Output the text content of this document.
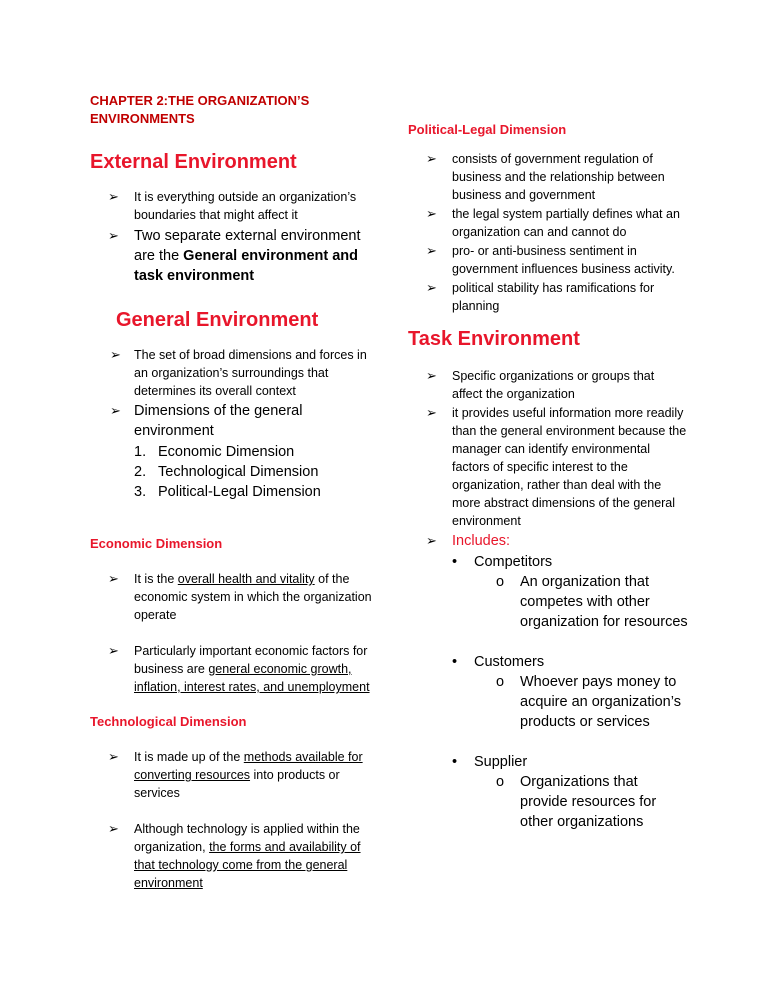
CHAPTER 2:THE ORGANIZATION’S ENVIRONMENTS

External Environment
➢ It is everything outside an organization’s boundaries that might affect it
➢ Two separate external environment are the General environment and task environment
General Environment
➢ The set of broad dimensions and forces in an organization’s surroundings that determines its overall context
➢ Dimensions of the general environment
1. Economic Dimension
2. Technological Dimension
3. Political-Legal Dimension
Economic Dimension
➢ It is the overall health and vitality of the economic system in which the organization operate
➢ Particularly important economic factors for business are general economic growth, inflation, interest rates, and unemployment
Technological Dimension
➢ It is made up of the methods available for converting resources into products or services
➢ Although technology is applied within the organization, the forms and availability of that technology come from the general environment
Political-Legal Dimension
➢ consists of government regulation of business and the relationship between business and government
➢ the legal system partially defines what an organization can and cannot do
➢ pro- or anti-business sentiment in government influences business activity.
➢ political stability has ramifications for planning
Task Environment
➢ Specific organizations or groups that affect the organization
➢ it provides useful information more readily than the general environment because the manager can identify environmental factors of specific interest to the organization, rather than deal with the more abstract dimensions of the general environment
➢ Includes:
• Competitors
o An organization that competes with other organization for resources
• Customers
o Whoever pays money to acquire an organization’s products or services
• Supplier
o Organizations that provide resources for other organizations
